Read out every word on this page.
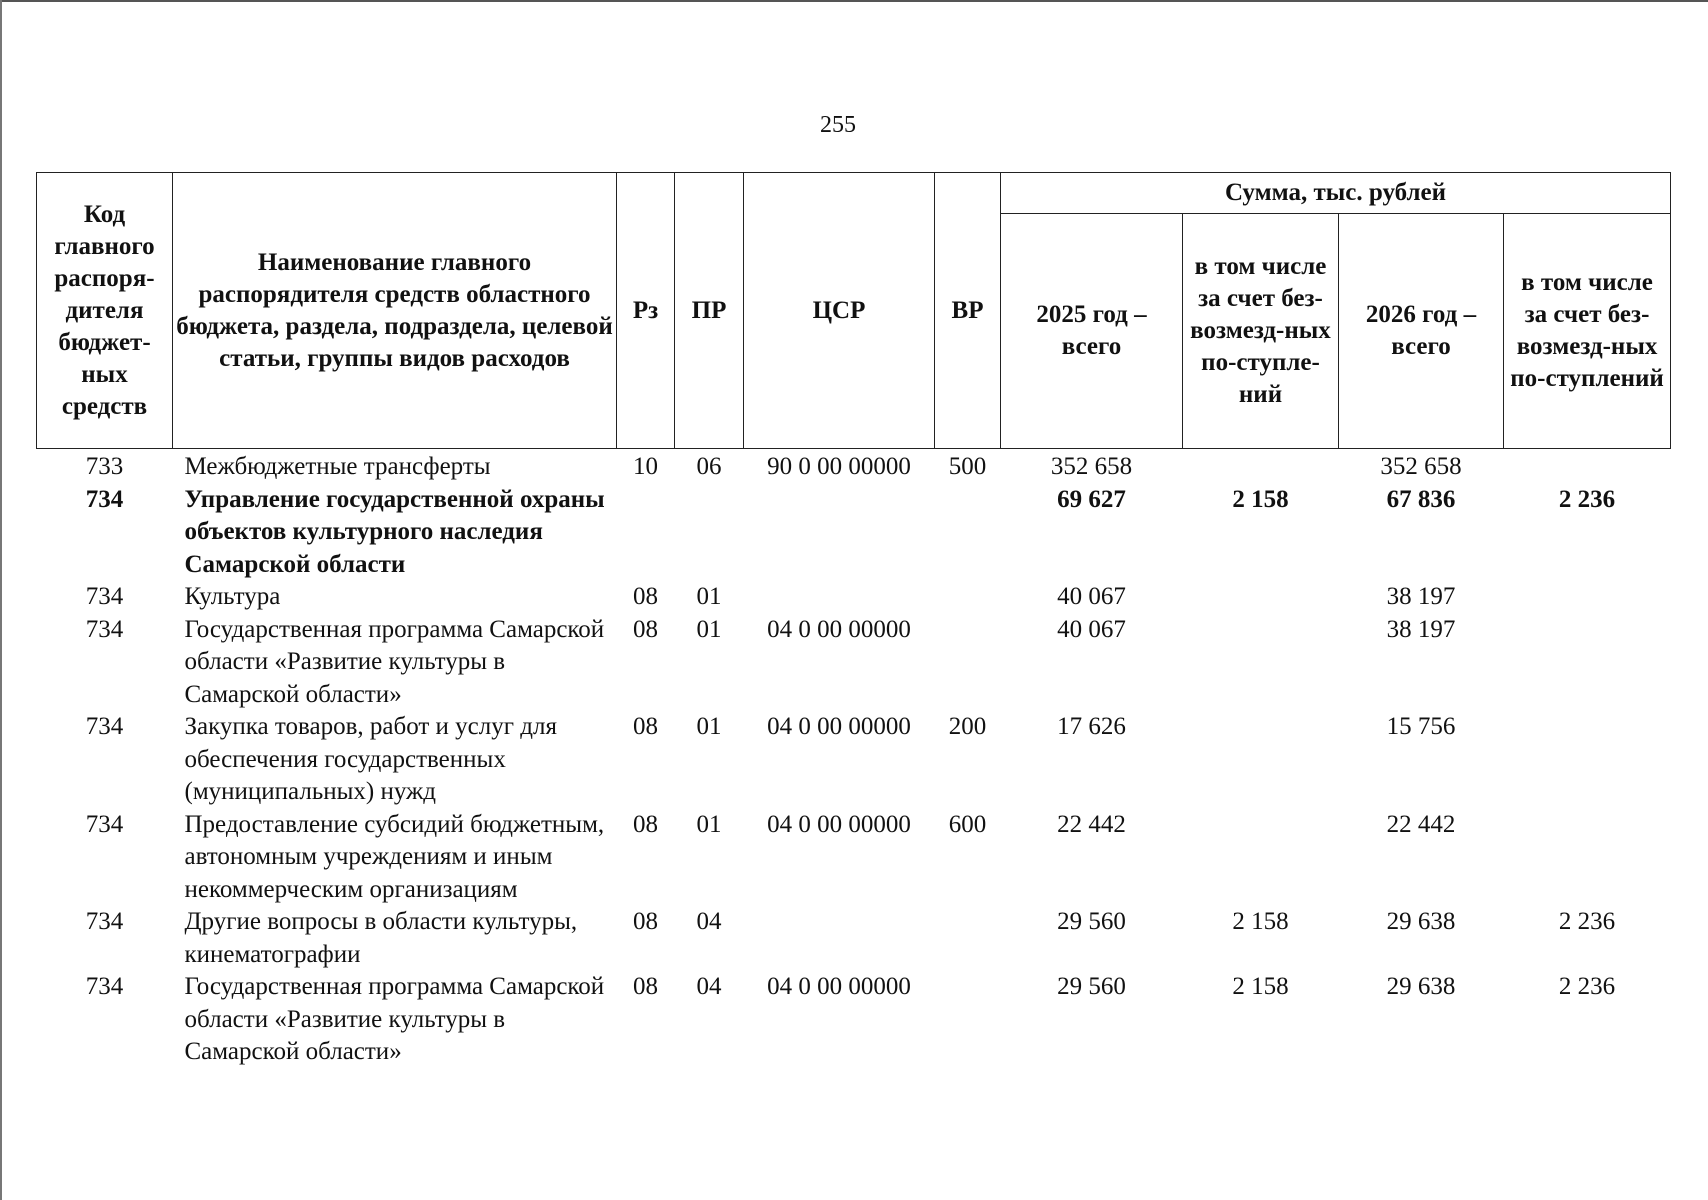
255
Код главного распоря-дителя бюджет-ных средств	Наименование главного распорядителя средств областного бюджета, раздела, подраздела, целевой статьи, группы видов расходов	Рз	ПР	ЦСР	ВР	Сумма, тыс. рублей			
						2025 год – всего	в том числе за счет без-возмезд-ных по-ступле-ний	2026 год – всего	в том числе за счет без-возмезд-ных по-ступлений
733	Межбюджетные трансферты	10	06	90 0 00 00000	500	352 658		352 658	
734	Управление государственной охраны объектов культурного наследия Самарской области					69 627	2 158	67 836	2 236
734	Культура	08	01			40 067		38 197	
734	Государственная программа Самарской области «Развитие культуры в Самарской области»	08	01	04 0 00 00000		40 067		38 197	
734	Закупка товаров, работ и услуг для обеспечения государственных (муниципальных) нужд	08	01	04 0 00 00000	200	17 626		15 756	
734	Предоставление субсидий бюджетным, автономным учреждениям и иным некоммерческим организациям	08	01	04 0 00 00000	600	22 442		22 442	
734	Другие вопросы в области культуры, кинематографии	08	04			29 560	2 158	29 638	2 236
734	Государственная программа Самарской области «Развитие культуры в Самарской области»	08	04	04 0 00 00000		29 560	2 158	29 638	2 236
